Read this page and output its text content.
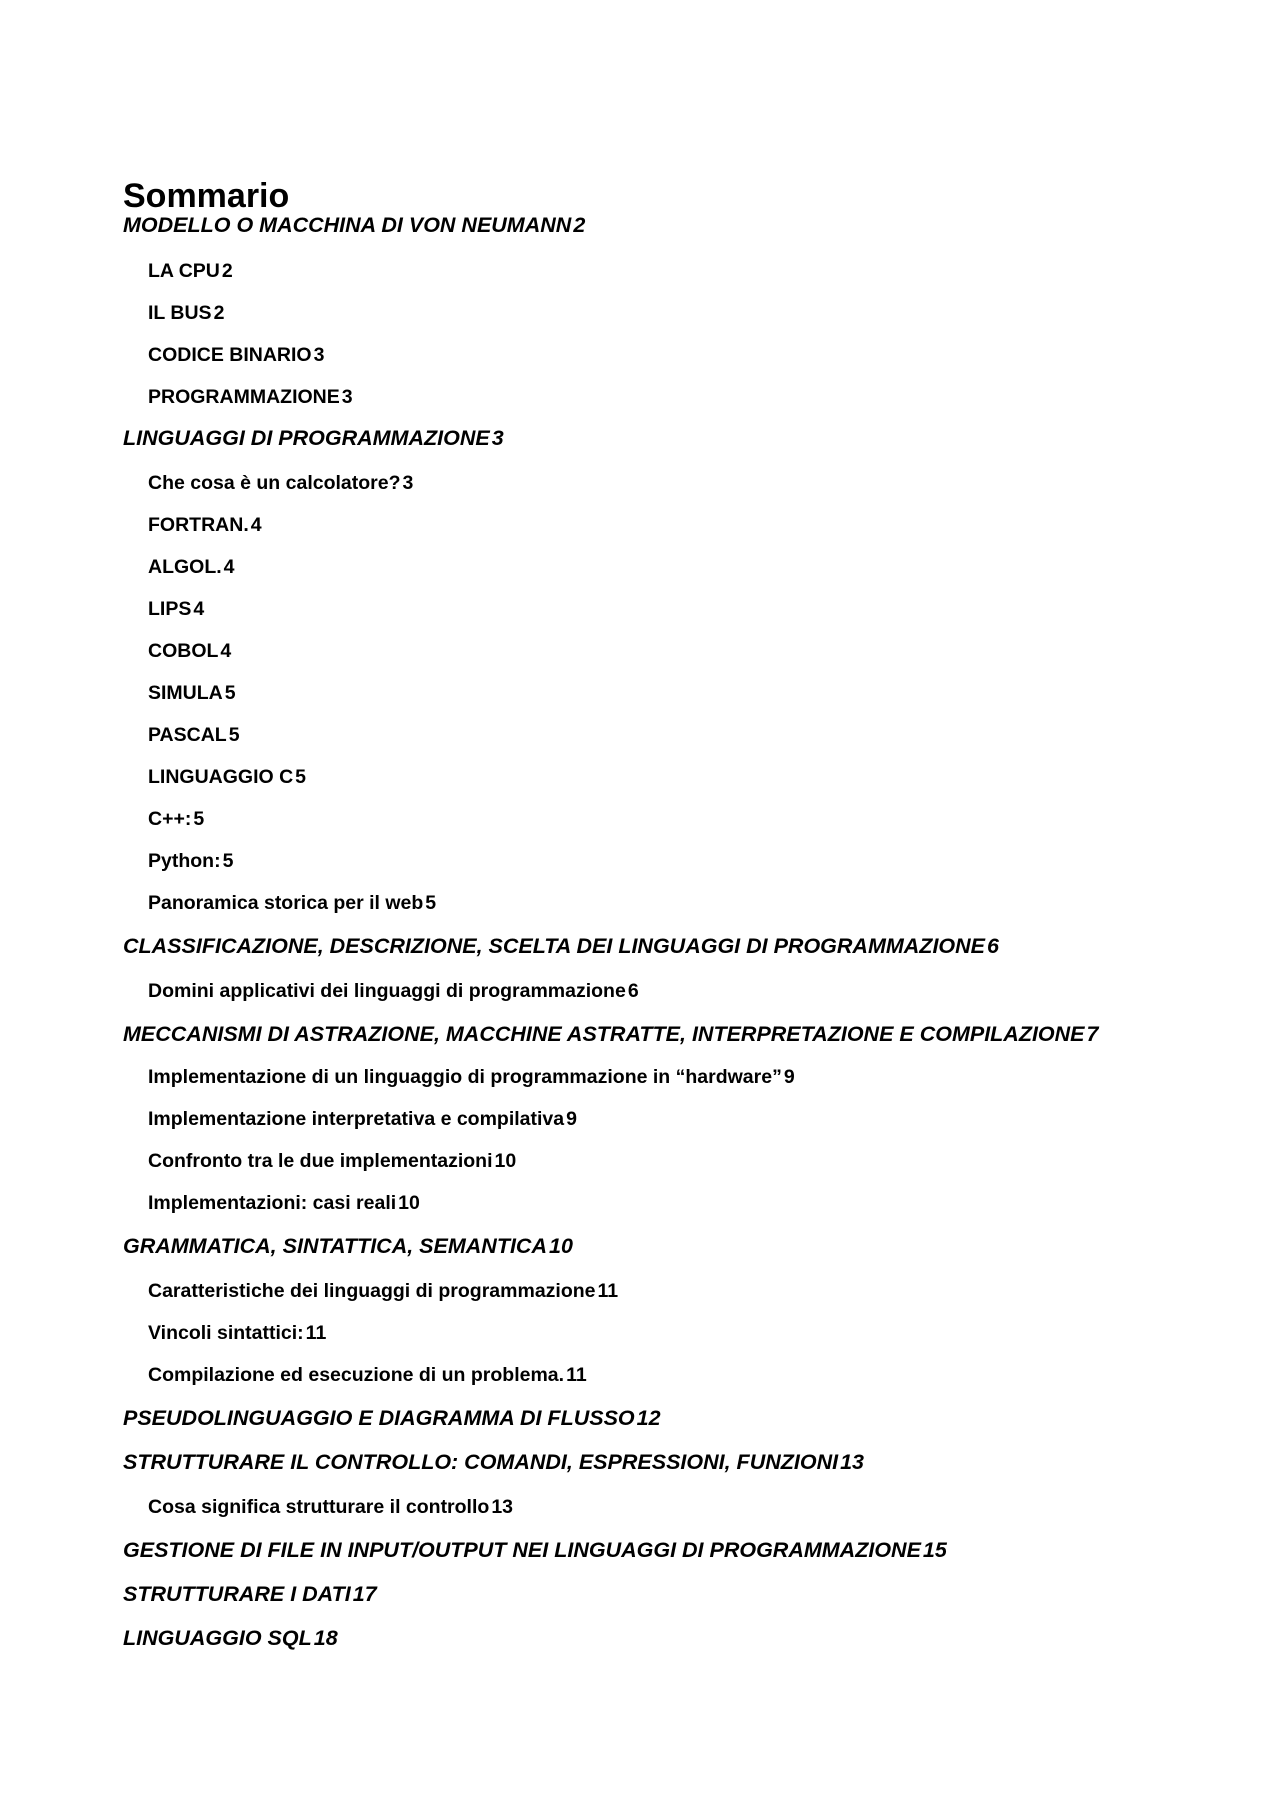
Sommario
MODELLO O MACCHINA DI VON NEUMANN 2
LA CPU 2
IL BUS 2
CODICE BINARIO 3
PROGRAMMAZIONE 3
LINGUAGGI DI PROGRAMMAZIONE 3
Che cosa è un calcolatore? 3
FORTRAN. 4
ALGOL. 4
LIPS 4
COBOL 4
SIMULA 5
PASCAL 5
LINGUAGGIO C 5
C++: 5
Python: 5
Panoramica storica per il web 5
CLASSIFICAZIONE, DESCRIZIONE, SCELTA DEI LINGUAGGI DI PROGRAMMAZIONE 6
Domini applicativi dei linguaggi di programmazione 6
MECCANISMI DI ASTRAZIONE, MACCHINE ASTRATTE, INTERPRETAZIONE E COMPILAZIONE 7
Implementazione di un linguaggio di programmazione in “hardware” 9
Implementazione interpretativa e compilativa 9
Confronto tra le due implementazioni 10
Implementazioni: casi reali 10
GRAMMATICA, SINTATTICA, SEMANTICA 10
Caratteristiche dei linguaggi di programmazione 11
Vincoli sintattici: 11
Compilazione ed esecuzione di un problema. 11
PSEUDOLINGUAGGIO E DIAGRAMMA DI FLUSSO 12
STRUTTURARE IL CONTROLLO: COMANDI, ESPRESSIONI, FUNZIONI 13
Cosa significa strutturare il controllo 13
GESTIONE DI FILE IN INPUT/OUTPUT NEI LINGUAGGI DI PROGRAMMAZIONE 15
STRUTTURARE I DATI 17
LINGUAGGIO SQL 18
